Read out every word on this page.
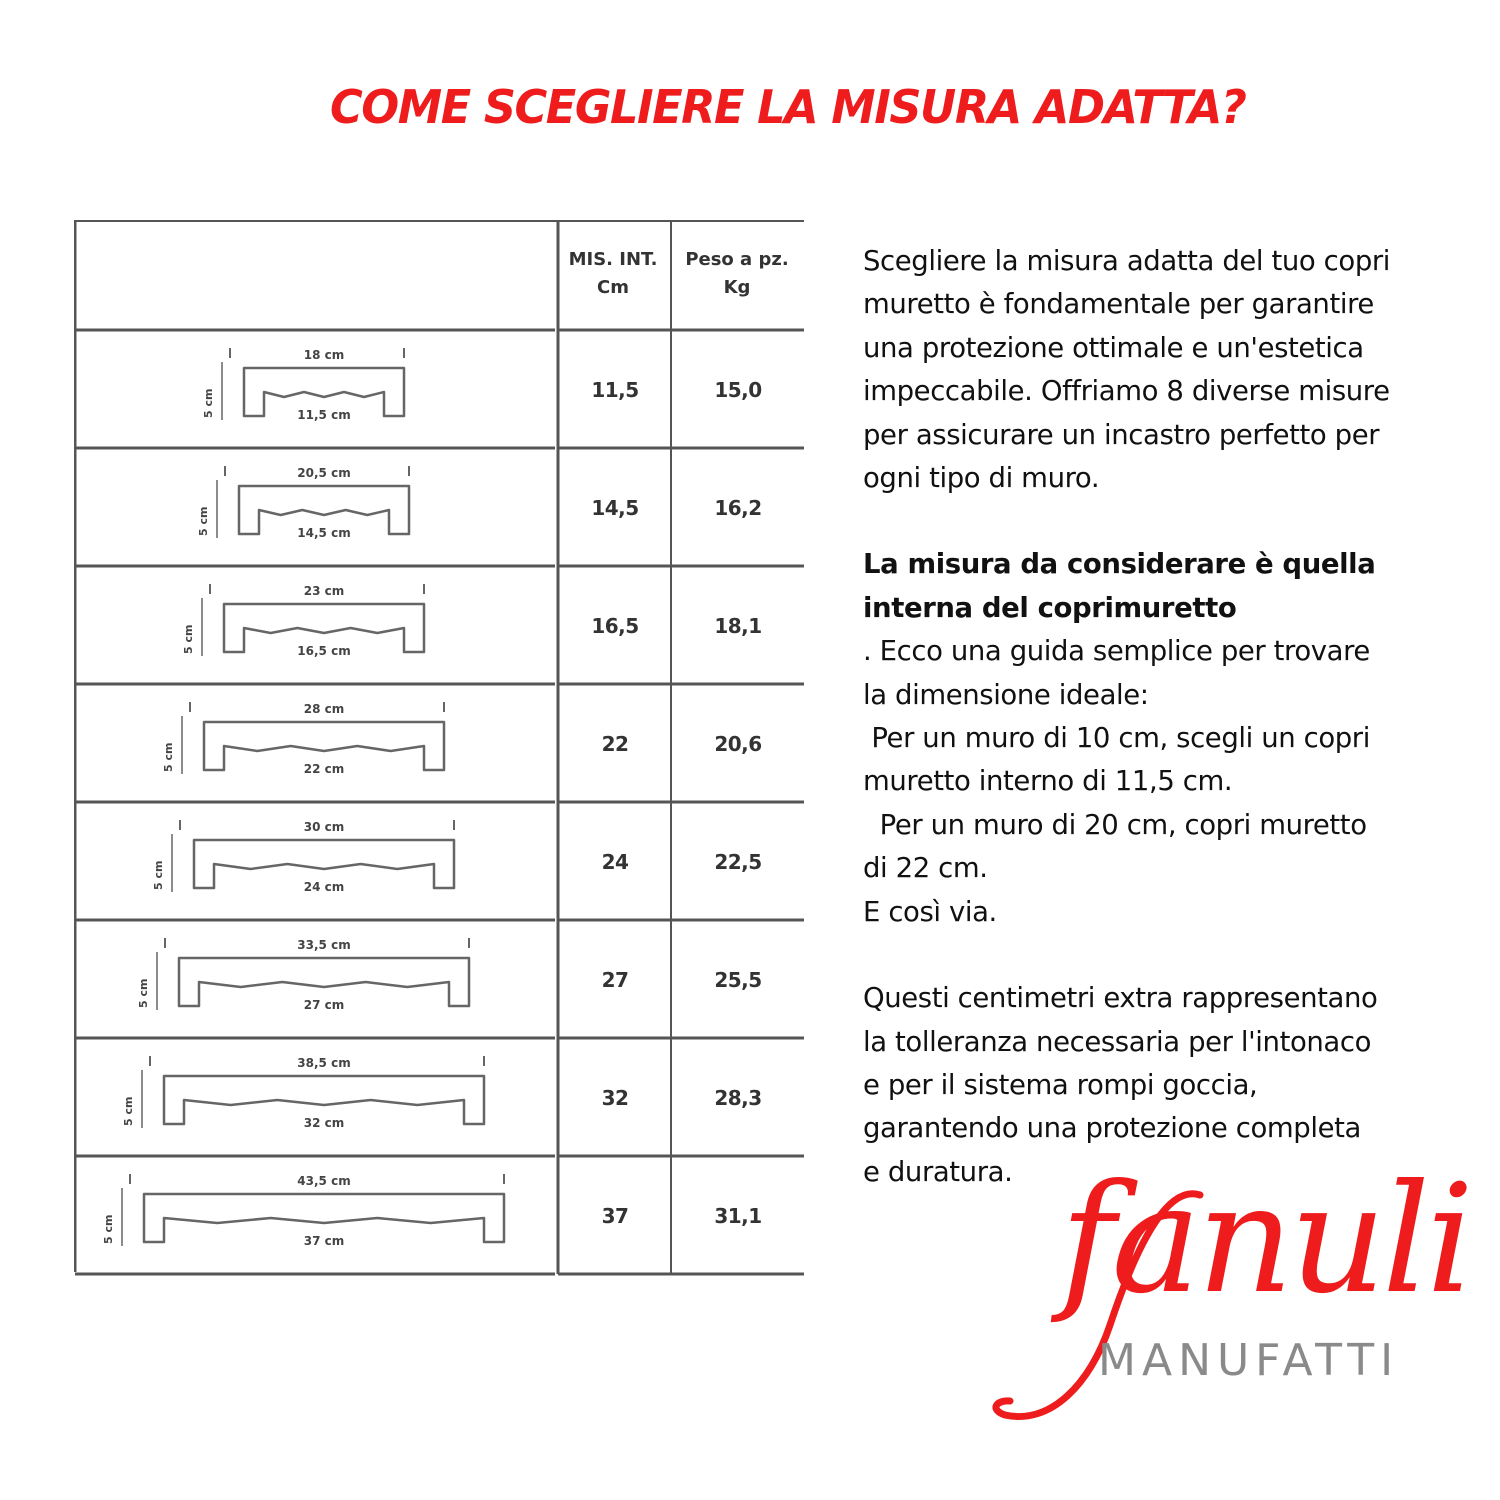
COME SCEGLIERE LA MISURA ADATTA?
MIS. INT.
Cm
Peso a pz.
Kg
18 cm
11,5 cm
5 cm	11,5	15,0
20,5 cm
14,5 cm
5 cm	14,5	16,2
23 cm
16,5 cm
5 cm	16,5	18,1
28 cm
22 cm
5 cm	22	20,6
30 cm
24 cm
5 cm	24	22,5
33,5 cm
27 cm
5 cm	27	25,5
38,5 cm
32 cm
5 cm	32	28,3
43,5 cm
37 cm
5 cm	37	31,1

Scegliere la misura adatta del tuo copri

muretto è fondamentale per garantire

una protezione ottimale e un'estetica

impeccabile. Offriamo 8 diverse misure

per assicurare un incastro perfetto per

ogni tipo di muro.

La misura da considerare è quella

interna del coprimuretto

. Ecco una guida semplice per trovare

la dimensione ideale:

Per un muro di 10 cm, scegli un copri

muretto interno di 11,5 cm.

Per un muro di 20 cm, copri muretto

di 22 cm.

E così via.

Questi centimetri extra rappresentano

la tolleranza necessaria per l'intonaco

e per il sistema rompi goccia,

garantendo una protezione completa

e duratura. fanuli
MANUFATTI
